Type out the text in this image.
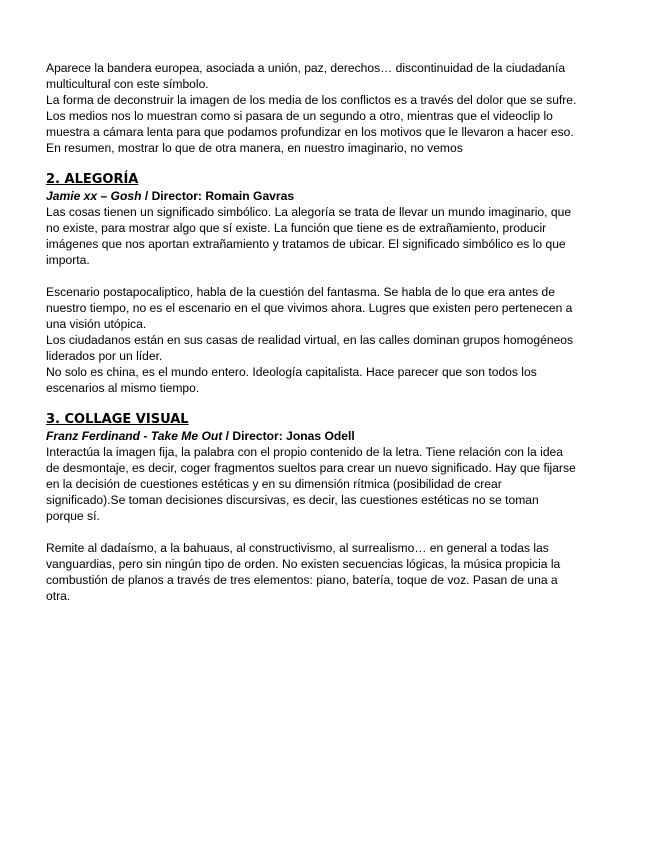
Aparece la bandera europea, asociada a unión, paz, derechos… discontinuidad de la ciudadanía
multicultural con este símbolo.
La forma de deconstruir la imagen de los media de los conflictos es a través del dolor que se sufre.
Los medios nos lo muestran como si pasara de un segundo a otro, mientras que el videoclip lo
muestra a cámara lenta para que podamos profundizar en los motivos que le llevaron a hacer eso.
En resumen, mostrar lo que de otra manera, en nuestro imaginario, no vemos

2. ALEGORÍA

Jamie xx – Gosh / Director: Romain Gavras

Las cosas tienen un significado simbólico. La alegoría se trata de llevar un mundo imaginario, que
no existe, para mostrar algo que sí existe. La función que tiene es de extrañamiento, producir
imágenes que nos aportan extrañamiento y tratamos de ubicar. El significado simbólico es lo que
importa.

Escenario postapocaliptico, habla de la cuestión del fantasma. Se habla de lo que era antes de
nuestro tiempo, no es el escenario en el que vivimos ahora. Lugres que existen pero pertenecen a
una visión utópica.
Los ciudadanos están en sus casas de realidad virtual, en las calles dominan grupos homogéneos
liderados por un líder.
No solo es china, es el mundo entero. Ideología capitalista. Hace parecer que son todos los
escenarios al mismo tiempo.

3. COLLAGE VISUAL

Franz Ferdinand - Take Me Out / Director: Jonas Odell

Interactúa la imagen fija, la palabra con el propio contenido de la letra. Tiene relación con la idea
de desmontaje, es decir, coger fragmentos sueltos para crear un nuevo significado. Hay que fijarse
en la decisión de cuestiones estéticas y en su dimensión rítmica (posibilidad de crear
significado).Se toman decisiones discursivas, es decir, las cuestiones estéticas no se toman
porque sí.

Remite al dadaísmo, a la bahuaus, al constructivismo, al surrealismo… en general a todas las
vanguardias, pero sin ningún tipo de orden. No existen secuencias lógicas, la música propicia la
combustión de planos a través de tres elementos: piano, batería, toque de voz. Pasan de una a
otra.
